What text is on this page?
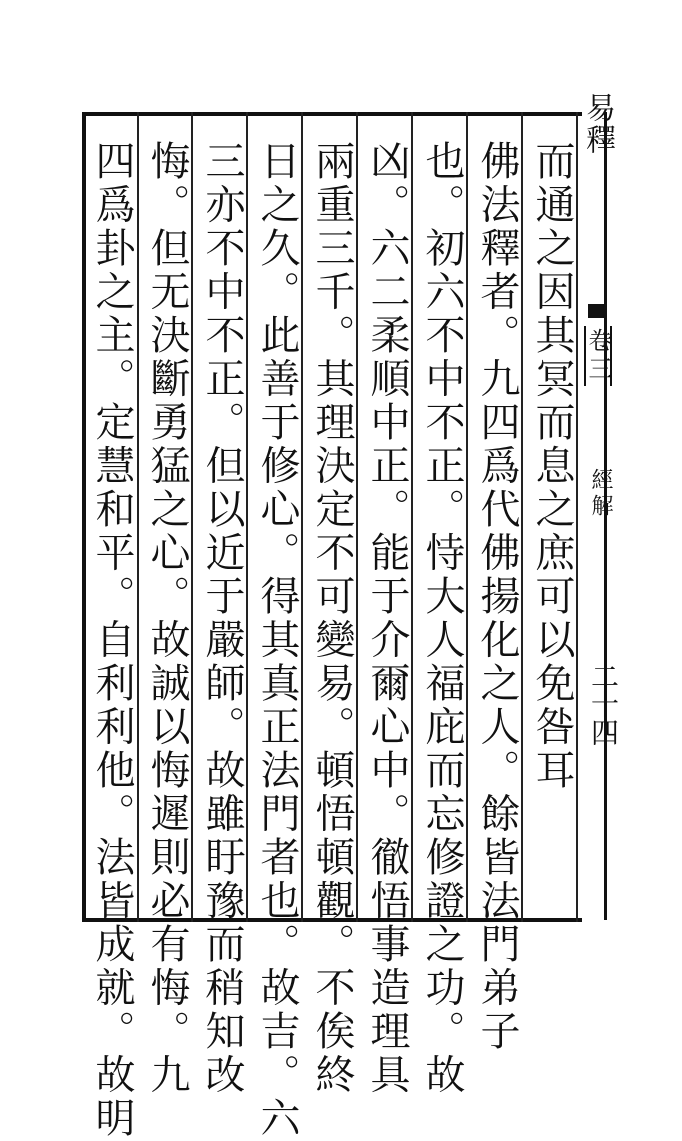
而通之因其冥而息之庶可以免咎耳
佛法釋者。九四爲代佛揚化之人。餘皆法門弟子
也。初六不中不正。恃大人福庇而忘修證之功。故
凶。六二柔順中正。能于介爾心中。徹悟事造理具
兩重三千。其理決定不可變易。頓悟頓觀。不俟終
日之久。此善于修心。得其真正法門者也。故吉。六
三亦不中不正。但以近于嚴師。故雖盱豫而稍知改
悔。但无決斷勇猛之心。故誠以悔遲則必有悔。九
四爲卦之主。定慧和平。自利利他。法皆成就。故明
易釋
卷三
經解
二十四
